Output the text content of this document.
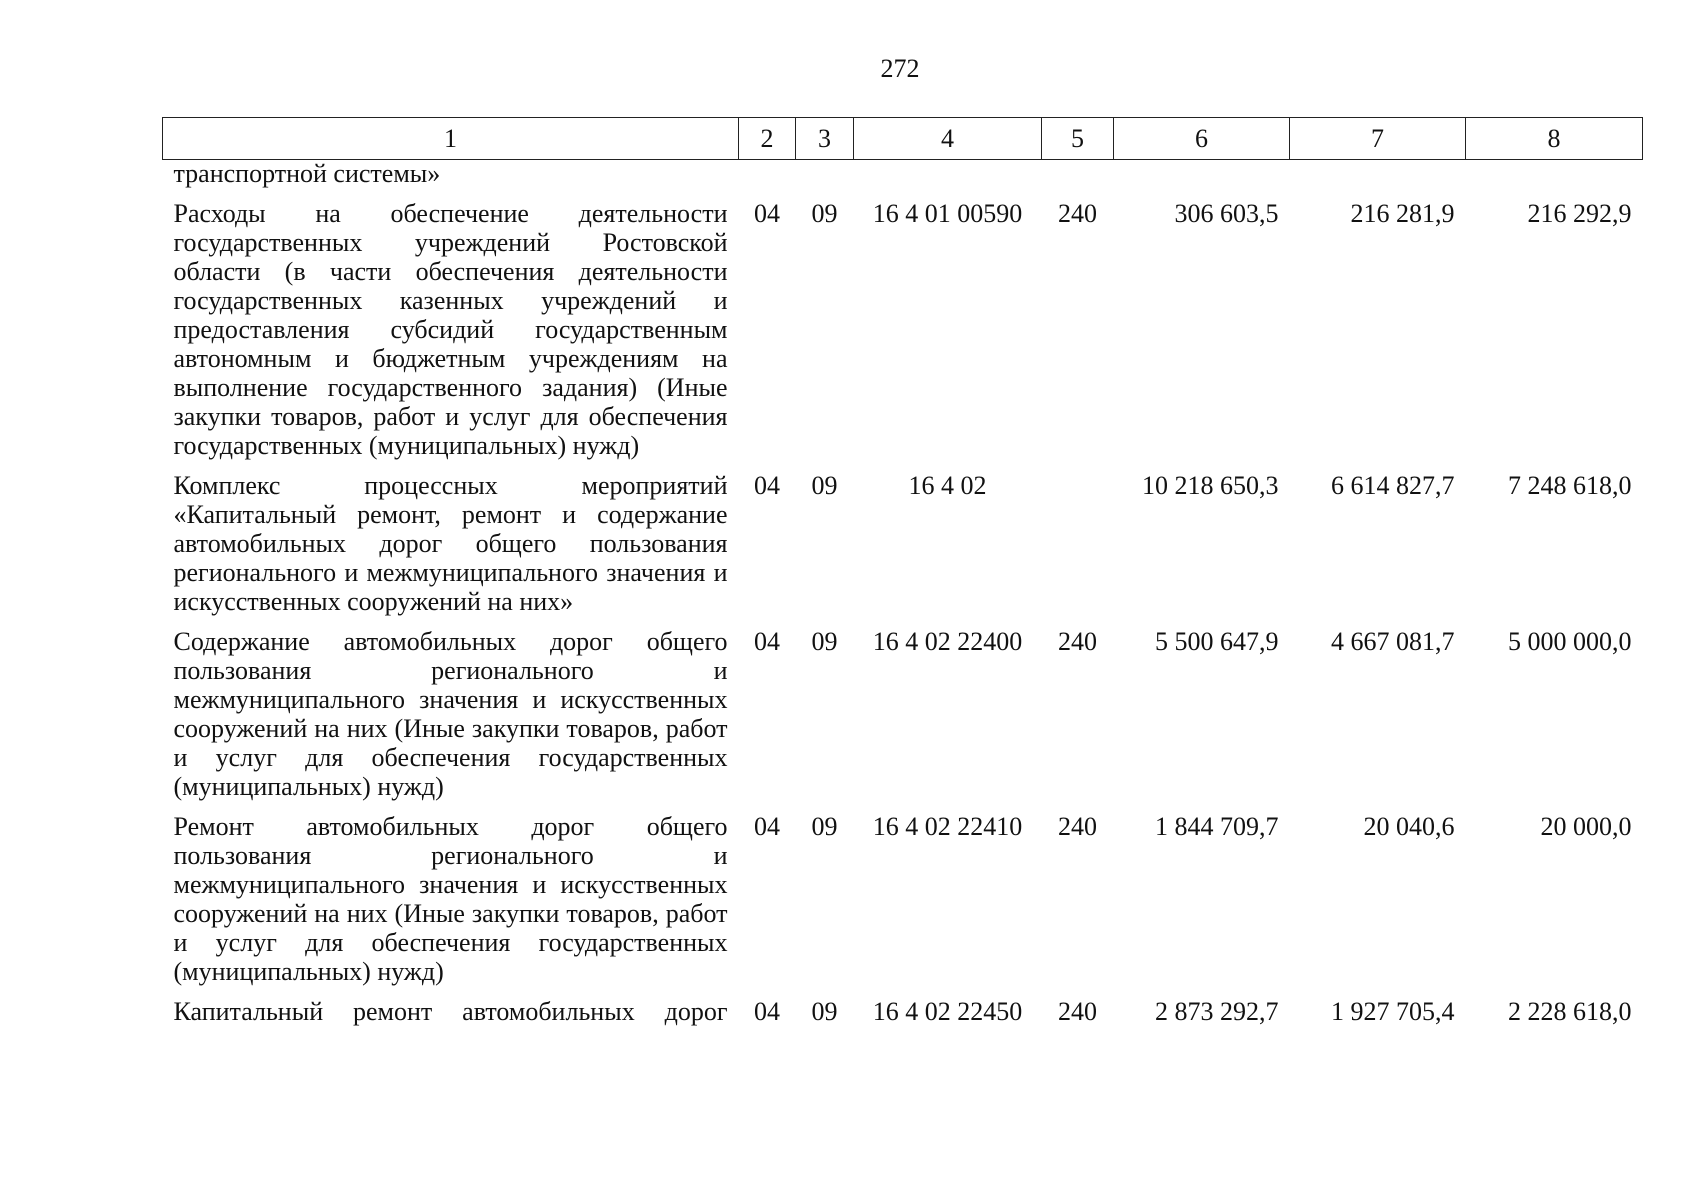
272
1	2	3	4	5	6	7	8
транспортной системы»							
Расходы на обеспечение деятельности государственных учреждений Ростовской области (в части обеспечения деятельности государственных казенных учреждений и предоставления субсидий государственным автономным и бюджетным учреждениям на выполнение государственного задания) (Иные закупки товаров, работ и услуг для обеспечения государственных (муниципальных) нужд)	04	09	16 4 01 00590	240	306 603,5	216 281,9	216 292,9
Комплекс процессных мероприятий «Капитальный ремонт, ремонт и содержание автомобильных дорог общего пользования регионального и межмуниципального значения и искусственных сооружений на них»	04	09	16 4 02		10 218 650,3	6 614 827,7	7 248 618,0
Содержание автомобильных дорог общего пользования регионального и межмуниципального значения и искусственных сооружений на них (Иные закупки товаров, работ и услуг для обеспечения государственных (муниципальных) нужд)	04	09	16 4 02 22400	240	5 500 647,9	4 667 081,7	5 000 000,0
Ремонт автомобильных дорог общего пользования регионального и межмуниципального значения и искусственных сооружений на них (Иные закупки товаров, работ и услуг для обеспечения государственных (муниципальных) нужд)	04	09	16 4 02 22410	240	1 844 709,7	20 040,6	20 000,0
Капитальный ремонт автомобильных дорог	04	09	16 4 02 22450	240	2 873 292,7	1 927 705,4	2 228 618,0
